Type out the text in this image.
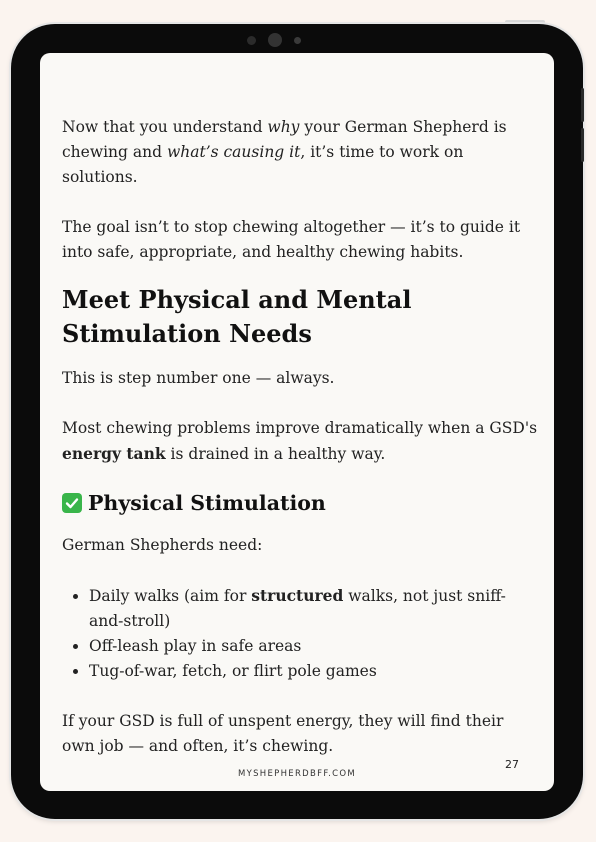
Now that you understand why your German Shepherd is chewing and what’s causing it, it’s time to work on solutions.

The goal isn’t to stop chewing altogether — it’s to guide it into safe, appropriate, and healthy chewing habits.

Meet Physical and Mental Stimulation Needs

This is step number one — always.

Most chewing problems improve dramatically when a GSD's energy tank is drained in a healthy way.

Physical Stimulation

German Shepherds need:

• Daily walks (aim for structured walks, not just sniff-and-stroll)
• Off-leash play in safe areas
• Tug-of-war, fetch, or flirt pole games

If your GSD is full of unspent energy, they will find their own job — and often, it’s chewing.

27
MYSHEPHERDBFF.COM
